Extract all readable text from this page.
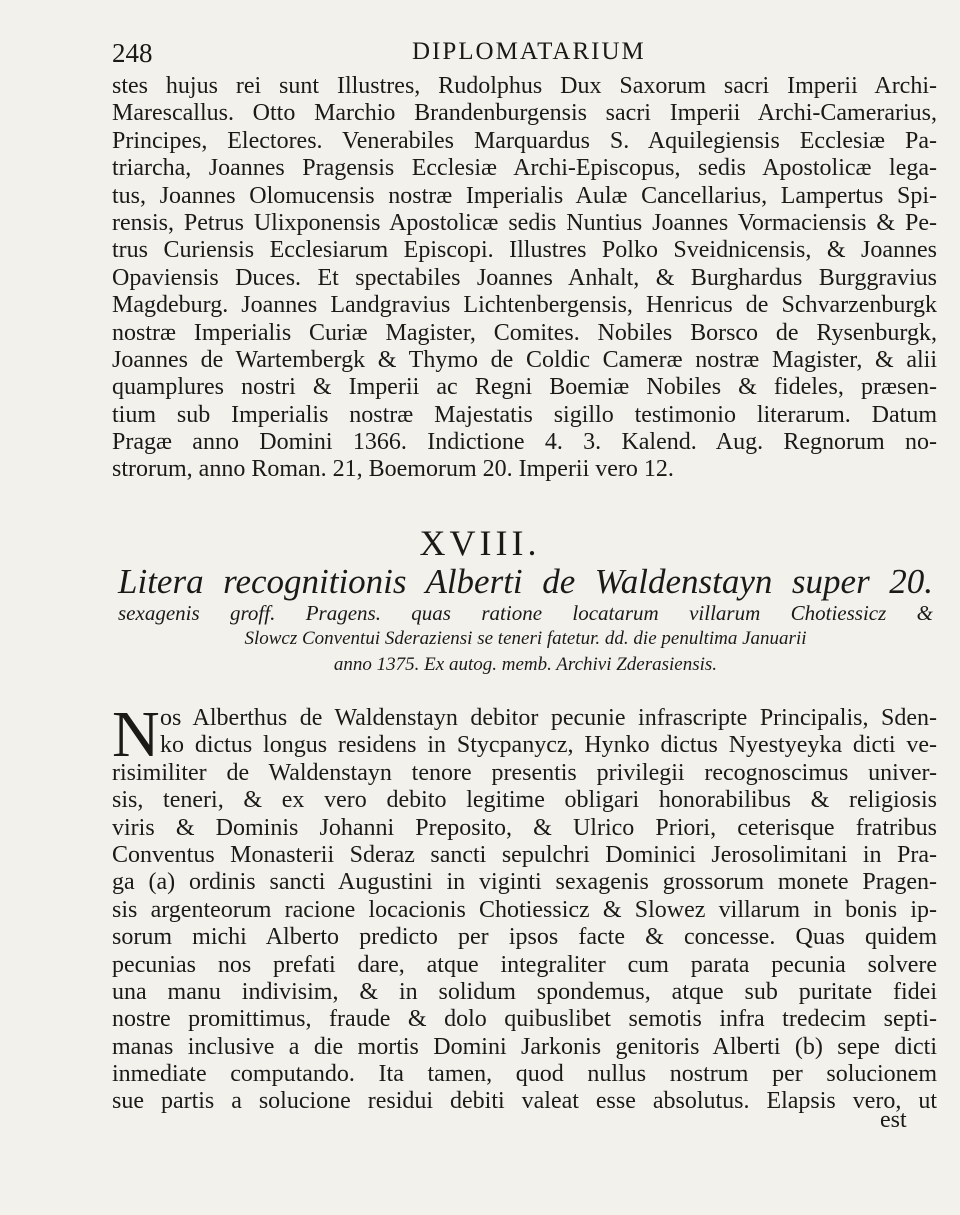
248	DIPLOMATARIUM
stes hujus rei sunt Illustres, Rudolphus Dux Saxorum sacri Imperii Archi-
Marescallus. Otto Marchio Brandenburgensis sacri Imperii Archi-Camerarius,
Principes, Electores. Venerabiles Marquardus S. Aquilegiensis Ecclesiæ Pa-
triarcha, Joannes Pragensis Ecclesiæ Archi-Episcopus, sedis Apostolicæ lega-
tus, Joannes Olomucensis nostræ Imperialis Aulæ Cancellarius, Lampertus Spi-
rensis, Petrus Ulixponensis Apostolicæ sedis Nuntius Joannes Vormaciensis & Pe-
trus Curiensis Ecclesiarum Episcopi. Illustres Polko Sveidnicensis, & Joannes
Opaviensis Duces. Et spectabiles Joannes Anhalt, & Burghardus Burggravius
Magdeburg. Joannes Landgravius Lichtenbergensis, Henricus de Schvarzenburgk
nostræ Imperialis Curiæ Magister, Comites. Nobiles Borsco de Rysenburgk,
Joannes de Wartembergk & Thymo de Coldic Cameræ nostræ Magister, & alii
quamplures nostri & Imperii ac Regni Boemiæ Nobiles & fideles, præsen-
tium sub Imperialis nostræ Majestatis sigillo testimonio literarum. Datum
Pragæ anno Domini 1366. Indictione 4. 3. Kalend. Aug. Regnorum no-
strorum, anno Roman. 21, Boemorum 20. Imperii vero 12.
XVIII.
Litera recognitionis Alberti de Waldenstayn super 20.
sexagenis groff. Pragens. quas ratione locatarum villarum Chotiessicz &
Slowcz Conventui Sderaziensi se teneri fatetur. dd. die penultima Januarii
anno 1375. Ex autog. memb. Archivi Zderasiensis.
N os Alberthus de Waldenstayn debitor pecunie infrascripte Principalis, Sden-
ko dictus longus residens in Stycpanycz, Hynko dictus Nyestyeyka dicti ve-
risimiliter de Waldenstayn tenore presentis privilegii recognoscimus univer-
sis, teneri, & ex vero debito legitime obligari honorabilibus & religiosis
viris & Dominis Johanni Preposito, & Ulrico Priori, ceterisque fratribus
Conventus Monasterii Sderaz sancti sepulchri Dominici Jerosolimitani in Pra-
ga (a) ordinis sancti Augustini in viginti sexagenis grossorum monete Pragen-
sis argenteorum racione locacionis Chotiessicz & Slowez villarum in bonis ip-
sorum michi Alberto predicto per ipsos facte & concesse. Quas quidem
pecunias nos prefati dare, atque integraliter cum parata pecunia solvere
una manu indivisim, & in solidum spondemus, atque sub puritate fidei
nostre promittimus, fraude & dolo quibuslibet semotis infra tredecim septi-
manas inclusive a die mortis Domini Jarkonis genitoris Alberti (b) sepe dicti
inmediate computando. Ita tamen, quod nullus nostrum per solucionem
sue partis a solucione residui debiti valeat esse absolutus. Elapsis vero, ut
est
